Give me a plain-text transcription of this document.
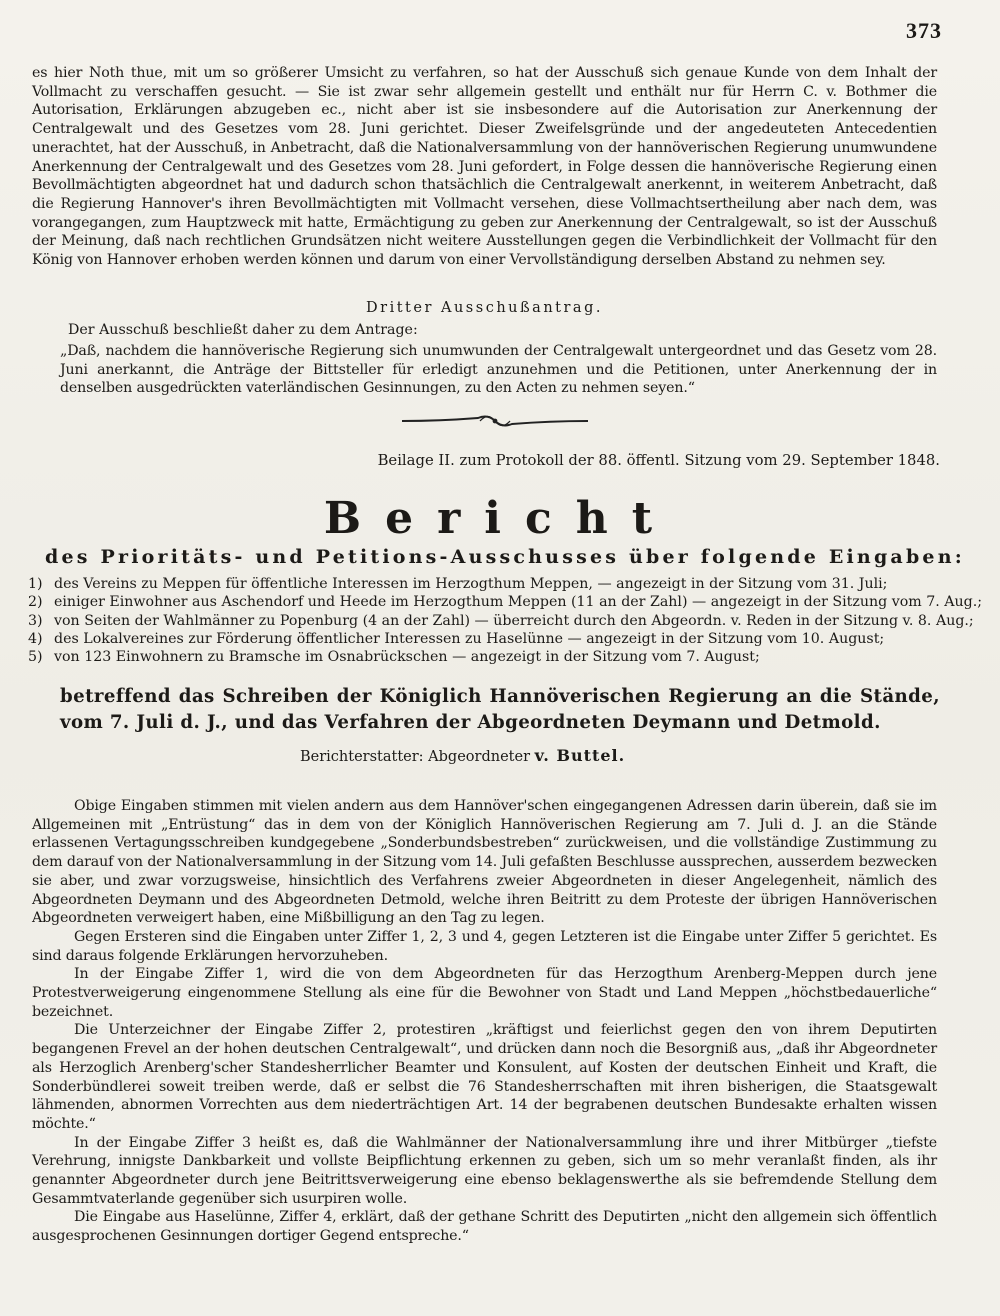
373

es hier Noth thue, mit um so größerer Umsicht zu verfahren, so hat der Ausschuß sich genaue Kunde von dem Inhalt der Vollmacht zu verschaffen gesucht. — Sie ist zwar sehr allgemein gestellt und enthält nur für Herrn C. v. Bothmer die Autorisation, Erklärungen abzugeben ec., nicht aber ist sie insbesondere auf die Autorisation zur Anerkennung der Centralgewalt und des Gesetzes vom 28. Juni gerichtet. Dieser Zweifelsgründe und der angedeuteten Antecedentien unerachtet, hat der Ausschuß, in Anbetracht, daß die Nationalversammlung von der hannöverischen Regierung unumwundene Anerkennung der Centralgewalt und des Gesetzes vom 28. Juni gefordert, in Folge dessen die hannöverische Regierung einen Bevollmächtigten abgeordnet hat und dadurch schon thatsächlich die Centralgewalt anerkennt, in weiterem Anbetracht, daß die Regierung Hannover's ihren Bevollmächtigten mit Vollmacht versehen, diese Vollmachtsertheilung aber nach dem, was vorangegangen, zum Hauptzweck mit hatte, Ermächtigung zu geben zur Anerkennung der Centralgewalt, so ist der Ausschuß der Meinung, daß nach rechtlichen Grundsätzen nicht weitere Ausstellungen gegen die Verbindlichkeit der Vollmacht für den König von Hannover erhoben werden können und darum von einer Vervollständigung derselben Abstand zu nehmen sey.

Dritter Ausschußantrag.

Der Ausschuß beschließt daher zu dem Antrage:

„Daß, nachdem die hannöverische Regierung sich unumwunden der Centralgewalt untergeordnet und das Gesetz vom 28. Juni anerkannt, die Anträge der Bittsteller für erledigt anzunehmen und die Petitionen, unter Anerkennung der in denselben ausgedrückten vaterländischen Gesinnungen, zu den Acten zu nehmen seyen.“

Beilage II. zum Protokoll der 88. öffentl. Sitzung vom 29. September 1848.

Bericht

des Prioritäts- und Petitions-Ausschusses über folgende Eingaben:

1) des Vereins zu Meppen für öffentliche Interessen im Herzogthum Meppen, — angezeigt in der Sitzung vom 31. Juli;
2) einiger Einwohner aus Aschendorf und Heede im Herzogthum Meppen (11 an der Zahl) — angezeigt in der Sitzung vom 7. Aug.;
3) von Seiten der Wahlmänner zu Popenburg (4 an der Zahl) — überreicht durch den Abgeordn. v. Reden in der Sitzung v. 8. Aug.;
4) des Lokalvereines zur Förderung öffentlicher Interessen zu Haselünne — angezeigt in der Sitzung vom 10. August;
5) von 123 Einwohnern zu Bramsche im Osnabrückschen — angezeigt in der Sitzung vom 7. August;

betreffend das Schreiben der Königlich Hannöverischen Regierung an die Stände, vom 7. Juli d. J., und das Verfahren der Abgeordneten Deymann und Detmold.

Berichterstatter: Abgeordneter v. Buttel.

Obige Eingaben stimmen mit vielen andern aus dem Hannöver'schen eingegangenen Adressen darin überein, daß sie im Allgemeinen mit „Entrüstung“ das in dem von der Königlich Hannöverischen Regierung am 7. Juli d. J. an die Stände erlassenen Vertagungsschreiben kundgegebene „Sonderbundsbestreben“ zurückweisen, und die vollständige Zustimmung zu dem darauf von der Nationalversammlung in der Sitzung vom 14. Juli gefaßten Beschlusse aussprechen, ausserdem bezwecken sie aber, und zwar vorzugsweise, hinsichtlich des Verfahrens zweier Abgeordneten in dieser Angelegenheit, nämlich des Abgeordneten Deymann und des Abgeordneten Detmold, welche ihren Beitritt zu dem Proteste der übrigen Hannöverischen Abgeordneten verweigert haben, eine Mißbilligung an den Tag zu legen.

Gegen Ersteren sind die Eingaben unter Ziffer 1, 2, 3 und 4, gegen Letzteren ist die Eingabe unter Ziffer 5 gerichtet. Es sind daraus folgende Erklärungen hervorzuheben.

In der Eingabe Ziffer 1, wird die von dem Abgeordneten für das Herzogthum Arenberg-Meppen durch jene Protestverweigerung eingenommene Stellung als eine für die Bewohner von Stadt und Land Meppen „höchstbedauerliche“ bezeichnet.

Die Unterzeichner der Eingabe Ziffer 2, protestiren „kräftigst und feierlichst gegen den von ihrem Deputirten begangenen Frevel an der hohen deutschen Centralgewalt“, und drücken dann noch die Besorgniß aus, „daß ihr Abgeordneter als Herzoglich Arenberg'scher Standesherrlicher Beamter und Konsulent, auf Kosten der deutschen Einheit und Kraft, die Sonderbündlerei soweit treiben werde, daß er selbst die 76 Standesherrschaften mit ihren bisherigen, die Staatsgewalt lähmenden, abnormen Vorrechten aus dem niederträchtigen Art. 14 der begrabenen deutschen Bundesakte erhalten wissen möchte.“

In der Eingabe Ziffer 3 heißt es, daß die Wahlmänner der Nationalversammlung ihre und ihrer Mitbürger „tiefste Verehrung, innigste Dankbarkeit und vollste Beipflichtung erkennen zu geben, sich um so mehr veranlaßt finden, als ihr genannter Abgeordneter durch jene Beitrittsverweigerung eine ebenso beklagenswerthe als sie befremdende Stellung dem Gesammtvaterlande gegenüber sich usurpiren wolle.

Die Eingabe aus Haselünne, Ziffer 4, erklärt, daß der gethane Schritt des Deputirten „nicht den allgemein sich öffentlich ausgesprochenen Gesinnungen dortiger Gegend entspreche.“
